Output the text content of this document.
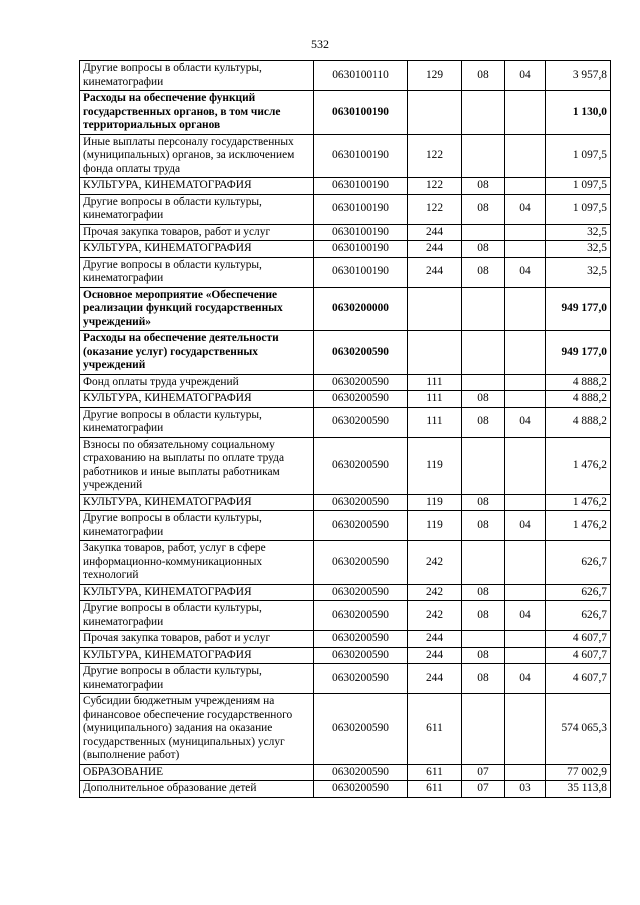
532
Другие вопросы в области культуры, кинематографии	0630100110	129	08	04	3 957,8
Расходы на обеспечение функций государственных органов, в том числе территориальных органов	0630100190				1 130,0
Иные выплаты персоналу государственных (муниципальных) органов, за исключением фонда оплаты труда	0630100190	122			1 097,5
КУЛЬТУРА, КИНЕМАТОГРАФИЯ	0630100190	122	08		1 097,5
Другие вопросы в области культуры, кинематографии	0630100190	122	08	04	1 097,5
Прочая закупка товаров, работ и услуг	0630100190	244			32,5
КУЛЬТУРА, КИНЕМАТОГРАФИЯ	0630100190	244	08		32,5
Другие вопросы в области культуры, кинематографии	0630100190	244	08	04	32,5
Основное мероприятие «Обеспечение реализации функций государственных учреждений»	0630200000				949 177,0
Расходы на обеспечение деятельности (оказание услуг) государственных учреждений	0630200590				949 177,0
Фонд оплаты труда учреждений	0630200590	111			4 888,2
КУЛЬТУРА, КИНЕМАТОГРАФИЯ	0630200590	111	08		4 888,2
Другие вопросы в области культуры, кинематографии	0630200590	111	08	04	4 888,2
Взносы по обязательному социальному страхованию на выплаты по оплате труда работников и иные выплаты работникам учреждений	0630200590	119			1 476,2
КУЛЬТУРА, КИНЕМАТОГРАФИЯ	0630200590	119	08		1 476,2
Другие вопросы в области культуры, кинематографии	0630200590	119	08	04	1 476,2
Закупка товаров, работ, услуг в сфере информационно-коммуникационных технологий	0630200590	242			626,7
КУЛЬТУРА, КИНЕМАТОГРАФИЯ	0630200590	242	08		626,7
Другие вопросы в области культуры, кинематографии	0630200590	242	08	04	626,7
Прочая закупка товаров, работ и услуг	0630200590	244			4 607,7
КУЛЬТУРА, КИНЕМАТОГРАФИЯ	0630200590	244	08		4 607,7
Другие вопросы в области культуры, кинематографии	0630200590	244	08	04	4 607,7
Субсидии бюджетным учреждениям на финансовое обеспечение государственного (муниципального) задания на оказание государственных (муниципальных) услуг (выполнение работ)	0630200590	611			574 065,3
ОБРАЗОВАНИЕ	0630200590	611	07		77 002,9
Дополнительное образование детей	0630200590	611	07	03	35 113,8
